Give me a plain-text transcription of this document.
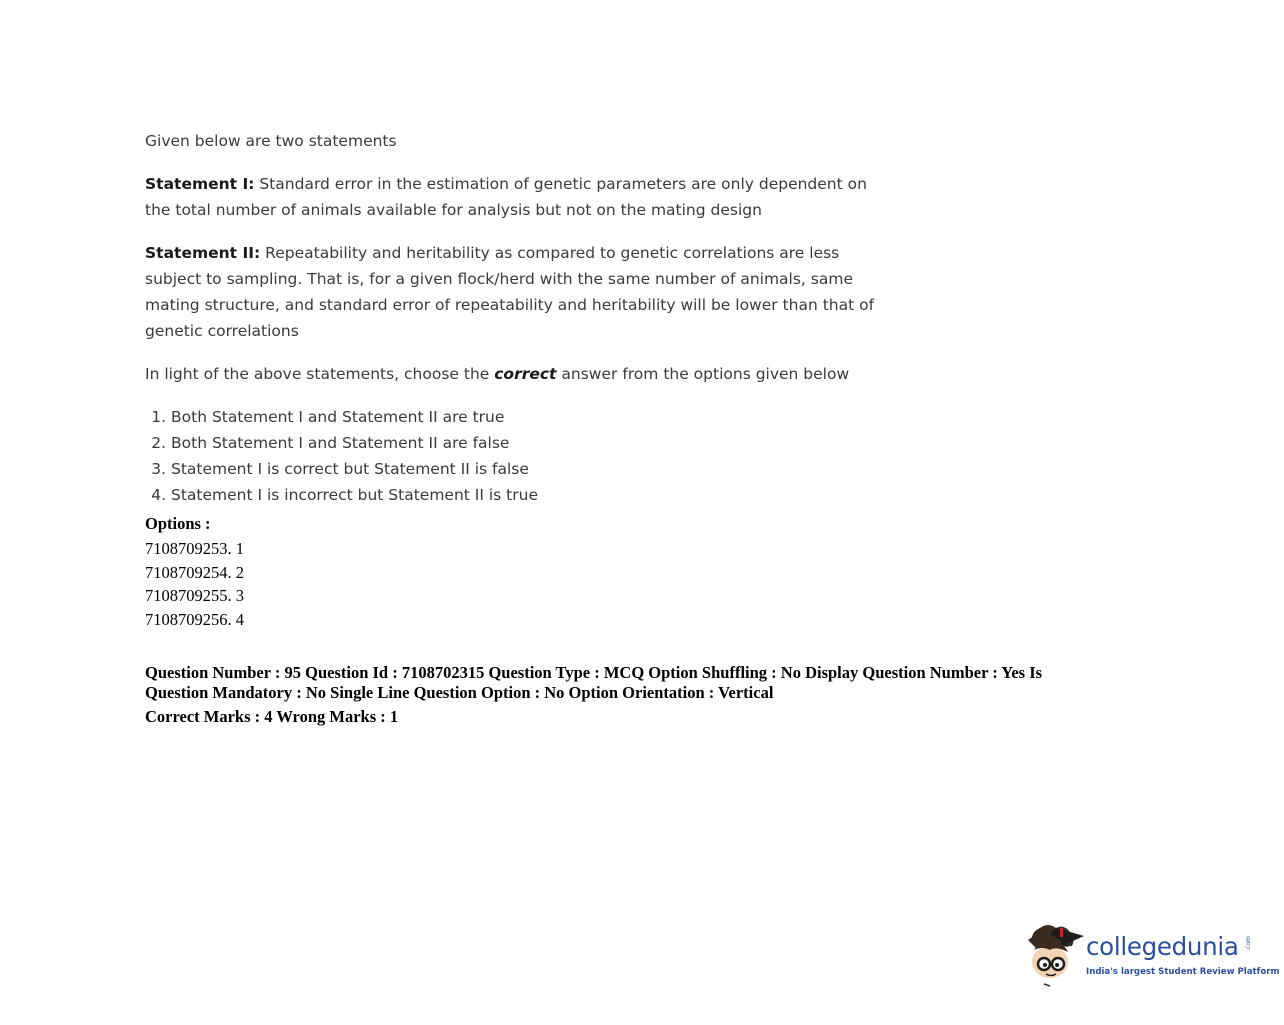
Given below are two statements

Statement I: Standard error in the estimation of genetic parameters are only dependent on the total number of animals available for analysis but not on the mating design

Statement II: Repeatability and heritability as compared to genetic correlations are less subject to sampling. That is, for a given flock/herd with the same number of animals, same mating structure, and standard error of repeatability and heritability will be lower than that of genetic correlations

In light of the above statements, choose the correct answer from the options given below

1. Both Statement I and Statement II are true
2. Both Statement I and Statement II are false
3. Statement I is correct but Statement II is false
4. Statement I is incorrect but Statement II is true
Options :
7108709253. 1
7108709254. 2
7108709255. 3
7108709256. 4
Question Number : 95 Question Id : 7108702315 Question Type : MCQ Option Shuffling : No Display Question Number : Yes Is
Question Mandatory : No Single Line Question Option : No Option Orientation : Vertical
Correct Marks : 4 Wrong Marks : 1
collegedunia .com
India's largest Student Review Platform
